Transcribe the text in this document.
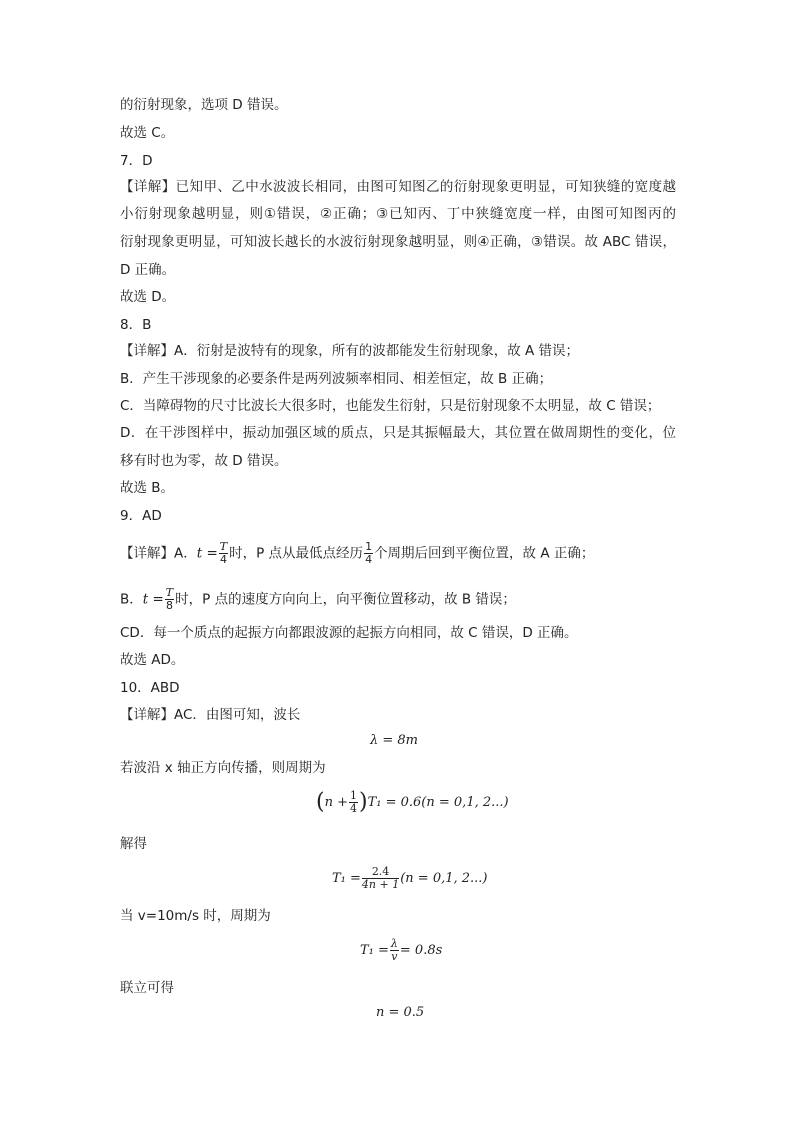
的衍射现象，选项 D 错误。
故选 C。
7．D
【详解】已知甲、乙中水波波长相同，由图可知图乙的衍射现象更明显，可知狭缝的宽度越
小衍射现象越明显，则①错误，②正确；③已知丙、丁中狭缝宽度一样，由图可知图丙的
衍射现象更明显，可知波长越长的水波衍射现象越明显，则④正确，③错误。故 ABC 错误，
D 正确。
故选 D。
8．B
【详解】A．衍射是波特有的现象，所有的波都能发生衍射现象，故 A 错误；
B．产生干涉现象的必要条件是两列波频率相同、相差恒定，故 B 正确；
C．当障碍物的尺寸比波长大很多时，也能发生衍射，只是衍射现象不太明显，故 C 错误；
D．在干涉图样中，振动加强区域的质点，只是其振幅最大，其位置在做周期性的变化，位
移有时也为零，故 D 错误。
故选 B。
9．AD
【详解】A．$t = \frac{T}{4}$ 时，P 点从最低点经历 $\frac{1}{4}$ 个周期后回到平衡位置，故 A 正确；
B．$t = \frac{T}{8}$ 时，P 点的速度方向向上，向平衡位置移动，故 B 错误；
CD．每一个质点的起振方向都跟波源的起振方向相同，故 C 错误，D 正确。
故选 AD。
10．ABD
【详解】AC．由图可知，波长
λ = 8m
若波沿 x 轴正方向传播，则周期为
$(n + \frac{1}{4} )T_1 = 0.6(n = 0,1$, 2...)
解得
$T_1 = \frac{2.4}{4n + 1} (n = 0,1$, 2...)
当 v=10m/s 时，周期为
$T_1 = \frac{\lambda}{v} = 0.8s$
联立可得
n = 0.5
